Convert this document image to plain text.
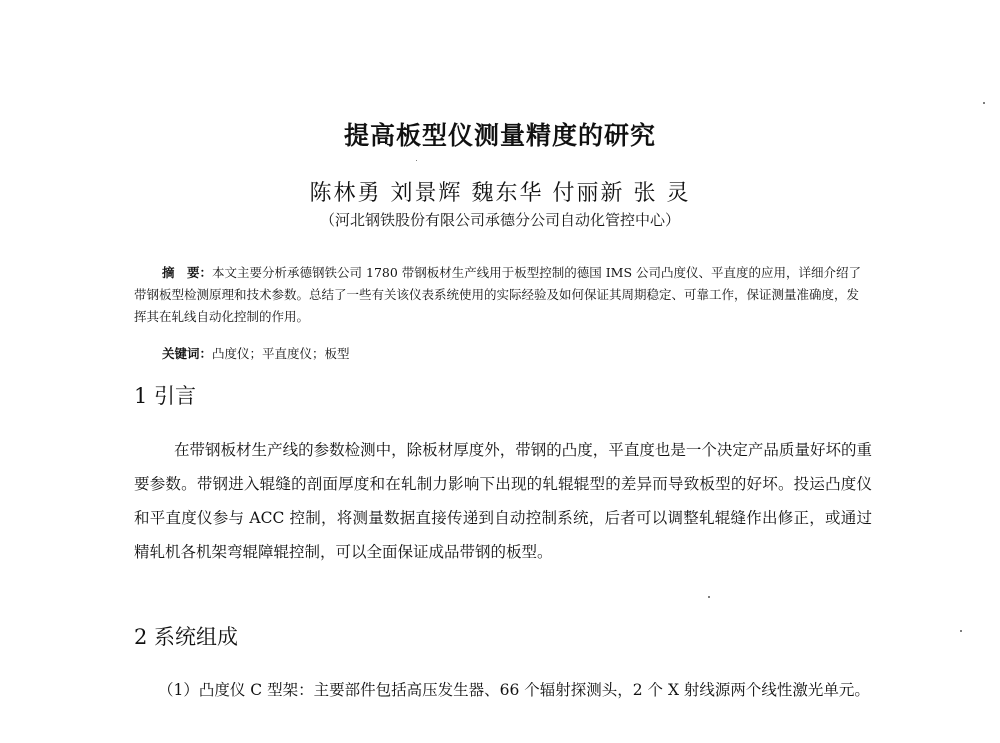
提高板型仪测量精度的研究
陈林勇 刘景辉 魏东华 付丽新 张 灵
（河北钢铁股份有限公司承德分公司自动化管控中心）
摘　要：本文主要分析承德钢铁公司 1780 带钢板材生产线用于板型控制的德国 IMS 公司凸度仪、平直度的应用，详细介绍了带钢板型检测原理和技术参数。总结了一些有关该仪表系统使用的实际经验及如何保证其周期稳定、可靠工作，保证测量准确度，发挥其在轧线自动化控制的作用。
关键词：凸度仪；平直度仪；板型
1 引言
在带钢板材生产线的参数检测中，除板材厚度外，带钢的凸度，平直度也是一个决定产品质量好坏的重要参数。带钢进入辊缝的剖面厚度和在轧制力影响下出现的轧辊辊型的差异而导致板型的好坏。投运凸度仪和平直度仪参与 ACC 控制，将测量数据直接传递到自动控制系统，后者可以调整轧辊缝作出修正，或通过精轧机各机架弯辊障辊控制，可以全面保证成品带钢的板型。
2 系统组成
（1）凸度仪 C 型架：主要部件包括高压发生器、66 个辐射探测头，2 个 X 射线源两个线性激光单元。
